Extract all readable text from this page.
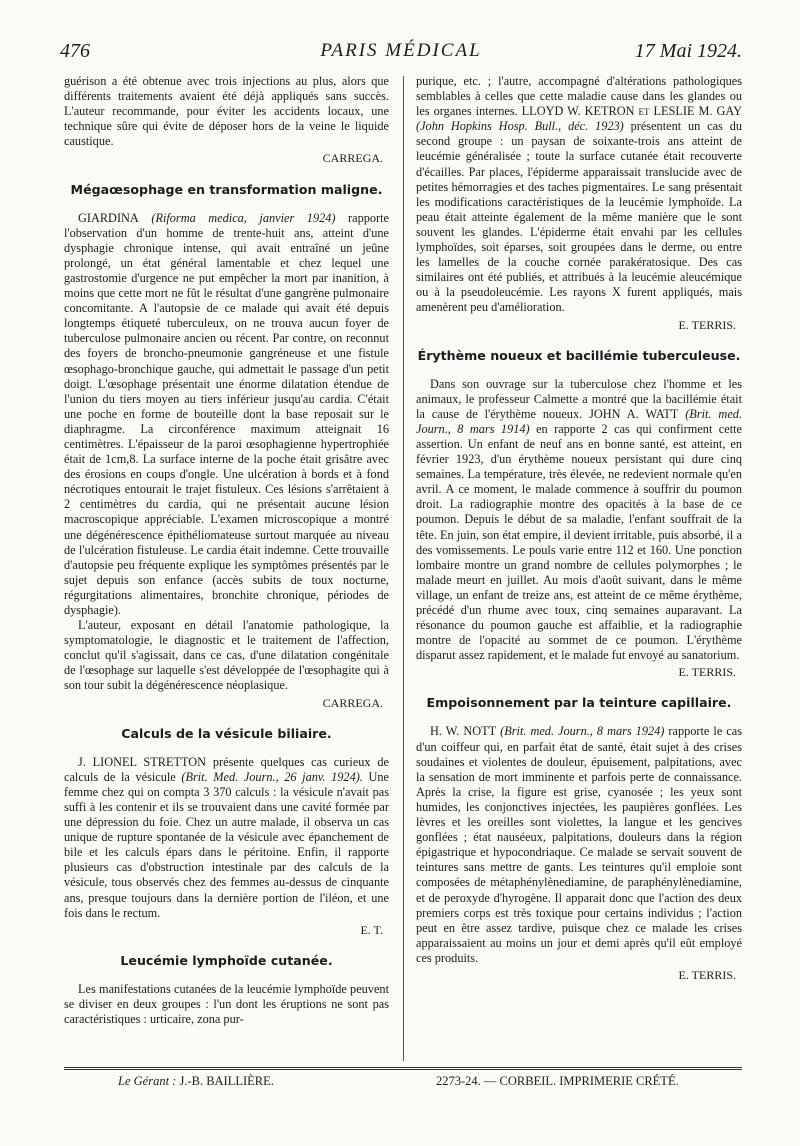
476	PARIS MÉDICAL	17 Mai 1924.

guérison a été obtenue avec trois injections au plus, alors que différents traitements avaient été déjà appliqués sans succès. L'auteur recommande, pour éviter les accidents locaux, une technique sûre qui évite de déposer hors de la veine le liquide caustique.

CARREGA.
Mégaœsophage en transformation maligne.

GIARDINA (Riforma medica, janvier 1924) rapporte l'observation d'un homme de trente-huit ans, atteint d'une dysphagie chronique intense, qui avait entraîné un jeûne prolongé, un état général lamentable et chez lequel une gastrostomie d'urgence ne put empêcher la mort par inanition, à moins que cette mort ne fût le résultat d'une gangrène pulmonaire concomitante. A l'autopsie de ce malade qui avait été depuis longtemps étiqueté tuberculeux, on ne trouva aucun foyer de tuberculose pulmonaire ancien ou récent. Par contre, on reconnut des foyers de broncho-pneumonie gangréneuse et une fistule œsophago-bronchique gauche, qui admettait le passage d'un petit doigt. L'œsophage présentait une énorme dilatation étendue de l'union du tiers moyen au tiers inférieur jusqu'au cardia. C'était une poche en forme de bouteille dont la base reposait sur le diaphragme. La circonférence maximum atteignait 16 centimètres. L'épaisseur de la paroi œsophagienne hypertrophiée était de 1cm,8. La surface interne de la poche était grisâtre avec des érosions en coups d'ongle. Une ulcération à bords et à fond nécrotiques entourait le trajet fistuleux. Ces lésions s'arrêtaient à 2 centimètres du cardia, qui ne présentait aucune lésion macroscopique appréciable. L'examen microscopique a montré une dégénérescence épithéliomateuse surtout marquée au niveau de l'ulcération fistuleuse. Le cardia était indemne. Cette trouvaille d'autopsie peu fréquente explique les symptômes présentés par le sujet depuis son enfance (accès subits de toux nocturne, régurgitations alimentaires, bronchite chronique, périodes de dysphagie).

L'auteur, exposant en détail l'anatomie pathologique, la symptomatologie, le diagnostic et le traitement de l'affection, conclut qu'il s'agissait, dans ce cas, d'une dilatation congénitale de l'œsophage sur laquelle s'est développée de l'œsophagite qui à son tour subit la dégénérescence néoplasique.

CARREGA.
Calculs de la vésicule biliaire.

J. LIONEL STRETTON présente quelques cas curieux de calculs de la vésicule (Brit. Med. Journ., 26 janv. 1924). Une femme chez qui on compta 3 370 calculs : la vésicule n'avait pas suffi à les contenir et ils se trouvaient dans une cavité formée par une dépression du foie. Chez un autre malade, il observa un cas unique de rupture spontanée de la vésicule avec épanchement de bile et les calculs épars dans le péritoine. Enfin, il rapporte plusieurs cas d'obstruction intestinale par des calculs de la vésicule, tous observés chez des femmes au-dessus de cinquante ans, presque toujours dans la dernière portion de l'iléon, et une fois dans le rectum.

E. T.
Leucémie lymphoïde cutanée.

Les manifestations cutanées de la leucémie lymphoïde peuvent se diviser en deux groupes : l'un dont les éruptions ne sont pas caractéristiques : urticaire, zona pur-

purique, etc. ; l'autre, accompagné d'altérations pathologiques semblables à celles que cette maladie cause dans les glandes ou les organes internes. LLOYD W. KETRON et LESLIE M. GAY (John Hopkins Hosp. Bull., déc. 1923) présentent un cas du second groupe : un paysan de soixante-trois ans atteint de leucémie généralisée ; toute la surface cutanée était recouverte d'écailles. Par places, l'épiderme apparaissait translucide avec de petites hémorragies et des taches pigmentaires. Le sang présentait les modifications caractéristiques de la leucémie lymphoïde. La peau était atteinte également de la même manière que le sont souvent les glandes. L'épiderme était envahi par les cellules lymphoïdes, soit éparses, soit groupées dans le derme, ou entre les lamelles de la couche cornée parakératosique. Des cas similaires ont été publiés, et attribués à la leucémie aleucémique ou à la pseudoleucémie. Les rayons X furent appliqués, mais amenèrent peu d'amélioration.

E. TERRIS.
Érythème noueux et bacillémie tuberculeuse.

Dans son ouvrage sur la tuberculose chez l'homme et les animaux, le professeur Calmette a montré que la bacillémie était la cause de l'érythème noueux. JOHN A. WATT (Brit. med. Journ., 8 mars 1914) en rapporte 2 cas qui confirment cette assertion. Un enfant de neuf ans en bonne santé, est atteint, en février 1923, d'un érythème noueux persistant qui dure cinq semaines. La température, très élevée, ne redevient normale qu'en avril. A ce moment, le malade commence à souffrir du poumon droit. La radiographie montre des opacités à la base de ce poumon. Depuis le début de sa maladie, l'enfant souffrait de la tête. En juin, son état empire, il devient irritable, puis absorbé, il a des vomissements. Le pouls varie entre 112 et 160. Une ponction lombaire montre un grand nombre de cellules polymorphes ; le malade meurt en juillet. Au mois d'août suivant, dans le même village, un enfant de treize ans, est atteint de ce même érythème, précédé d'un rhume avec toux, cinq semaines auparavant. La résonance du poumon gauche est affaiblie, et la radiographie montre de l'opacité au sommet de ce poumon. L'érythème disparut assez rapidement, et le malade fut envoyé au sanatorium.

E. TERRIS.
Empoisonnement par la teinture capillaire.

H. W. NOTT (Brit. med. Journ., 8 mars 1924) rapporte le cas d'un coiffeur qui, en parfait état de santé, était sujet à des crises soudaines et violentes de douleur, épuisement, palpitations, avec la sensation de mort imminente et parfois perte de connaissance. Après la crise, la figure est grise, cyanosée ; les yeux sont humides, les conjonctives injectées, les paupières gonflées. Les lèvres et les oreilles sont violettes, la langue et les gencives gonflées ; état nauséeux, palpitations, douleurs dans la région épigastrique et hypocondriaque. Ce malade se servait souvent de teintures sans mettre de gants. Les teintures qu'il emploie sont composées de métaphénylènediamine, de paraphénylènediamine, et de peroxyde d'hyrogène. Il apparait donc que l'action des deux premiers corps est très toxique pour certains individus ; l'action peut en être assez tardive, puisque chez ce malade les crises apparaissaient au moins un jour et demi après qu'il eût employé ces produits.

E. TERRIS.
Le Gérant : J.-B. BAILLIÈRE.	2273-24. — CORBEIL. IMPRIMERIE CRÉTÉ.
